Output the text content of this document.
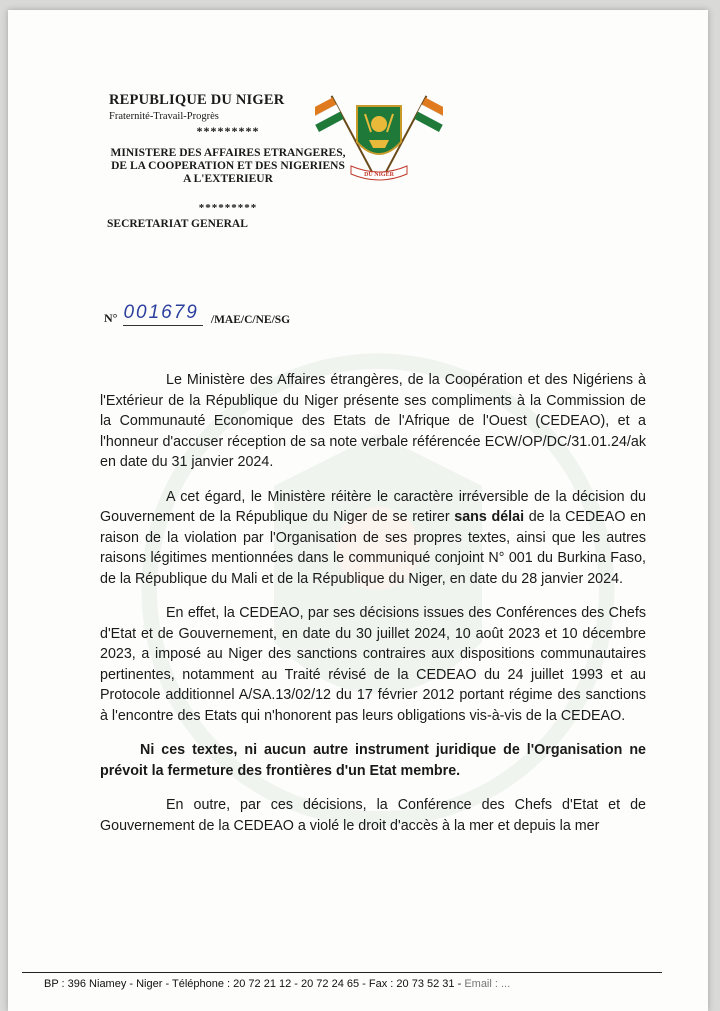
REPUBLIQUE DU NIGER
Fraternité-Travail-Progrès
*********
MINISTERE DES AFFAIRES ETRANGERES,
DE LA COOPERATION ET DES NIGERIENS
A L'EXTERIEUR
*********
SECRETARIAT GENERAL
DU NIGER
N° 001679	/MAE/C/NE/SG

Le Ministère des Affaires étrangères, de la Coopération et des Nigériens à l'Extérieur de la République du Niger présente ses compliments à la Commission de la Communauté Economique des Etats de l'Afrique de l'Ouest (CEDEAO), et a l'honneur d'accuser réception de sa note verbale référencée ECW/OP/DC/31.01.24/ak en date du 31 janvier 2024.

A cet égard, le Ministère réitère le caractère irréversible de la décision du Gouvernement de la République du Niger de se retirer sans délai de la CEDEAO en raison de la violation par l'Organisation de ses propres textes, ainsi que les autres raisons légitimes mentionnées dans le communiqué conjoint N° 001 du Burkina Faso, de la République du Mali et de la République du Niger, en date du 28 janvier 2024.

En effet, la CEDEAO, par ses décisions issues des Conférences des Chefs d'Etat et de Gouvernement, en date du 30 juillet 2024, 10 août 2023 et 10 décembre 2023, a imposé au Niger des sanctions contraires aux dispositions communautaires pertinentes, notamment au Traité révisé de la CEDEAO du 24 juillet 1993 et au Protocole additionnel A/SA.13/02/12 du 17 février 2012 portant régime des sanctions à l'encontre des Etats qui n'honorent pas leurs obligations vis-à-vis de la CEDEAO.

Ni ces textes, ni aucun autre instrument juridique de l'Organisation ne prévoit la fermeture des frontières d'un Etat membre.

En outre, par ces décisions, la Conférence des Chefs d'Etat et de Gouvernement de la CEDEAO a violé le droit d'accès à la mer et depuis la mer

BP : 396 Niamey - Niger - Téléphone : 20 72 21 12 - 20 72 24 65 - Fax : 20 73 52 31 - Email : ...
